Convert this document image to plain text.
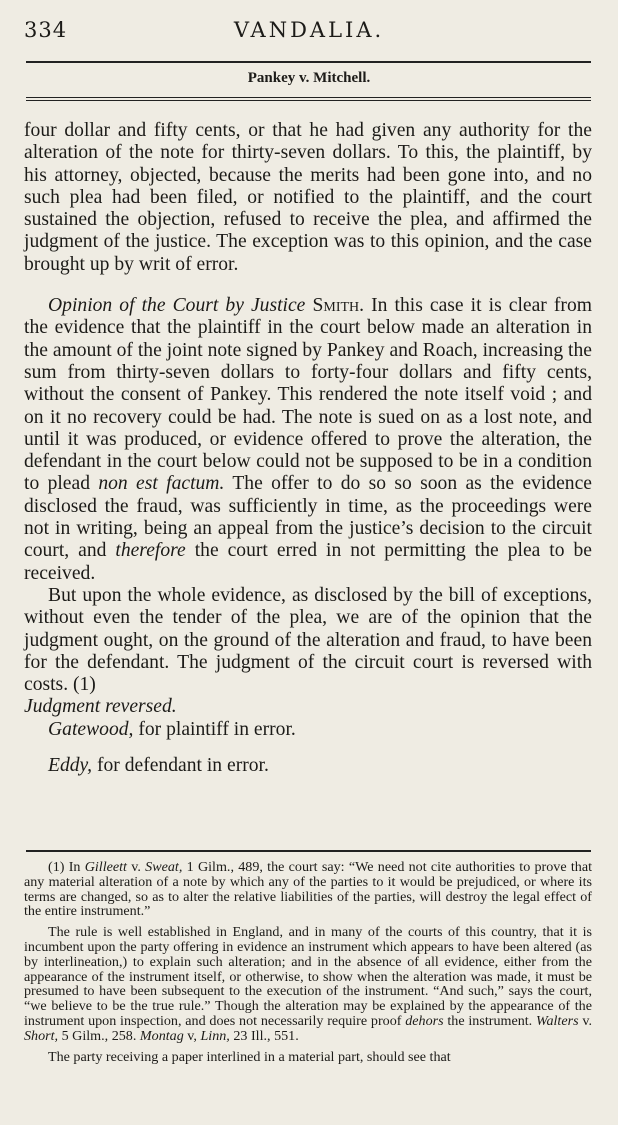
334	VANDALIA.
Pankey v. Mitchell.

four dollar and fifty cents, or that he had given any authority for the alteration of the note for thirty-seven dollars. To this, the plaintiff, by his attorney, objected, because the merits had been gone into, and no such plea had been filed, or notified to the plaintiff, and the court sustained the objection, refused to receive the plea, and affirmed the judgment of the justice. The exception was to this opinion, and the case brought up by writ of error.

Opinion of the Court by Justice Smith. In this case it is clear from the evidence that the plaintiff in the court below made an alteration in the amount of the joint note signed by Pankey and Roach, increasing the sum from thirty-seven dollars to forty-four dollars and fifty cents, without the consent of Pankey. This rendered the note itself void ; and on it no recovery could be had. The note is sued on as a lost note, and until it was produced, or evidence offered to prove the alteration, the defendant in the court below could not be supposed to be in a condition to plead non est factum. The offer to do so so soon as the evidence disclosed the fraud, was sufficiently in time, as the proceedings were not in writing, being an appeal from the justice’s decision to the circuit court, and therefore the court erred in not permitting the plea to be received.

But upon the whole evidence, as disclosed by the bill of exceptions, without even the tender of the plea, we are of the opinion that the judgment ought, on the ground of the alteration and fraud, to have been for the defendant. The judgment of the circuit court is reversed with costs. (1)

Judgment reversed.

Gatewood, for plaintiff in error.

Eddy, for defendant in error.

(1) In Gilleett v. Sweat, 1 Gilm., 489, the court say: “We need not cite authorities to prove that any material alteration of a note by which any of the parties to it would be prejudiced, or where its terms are changed, so as to alter the relative liabilities of the parties, will destroy the legal effect of the entire instrument.”

The rule is well established in England, and in many of the courts of this country, that it is incumbent upon the party offering in evidence an instrument which appears to have been altered (as by interlineation,) to explain such alteration; and in the absence of all evidence, either from the appearance of the instrument itself, or otherwise, to show when the alteration was made, it must be presumed to have been subsequent to the execution of the instrument. “And such,” says the court, “we believe to be the true rule.” Though the alteration may be explained by the appearance of the instrument upon inspection, and does not necessarily require proof dehors the instrument. Walters v. Short, 5 Gilm., 258. Montag v, Linn, 23 Ill., 551.

The party receiving a paper interlined in a material part, should see that
